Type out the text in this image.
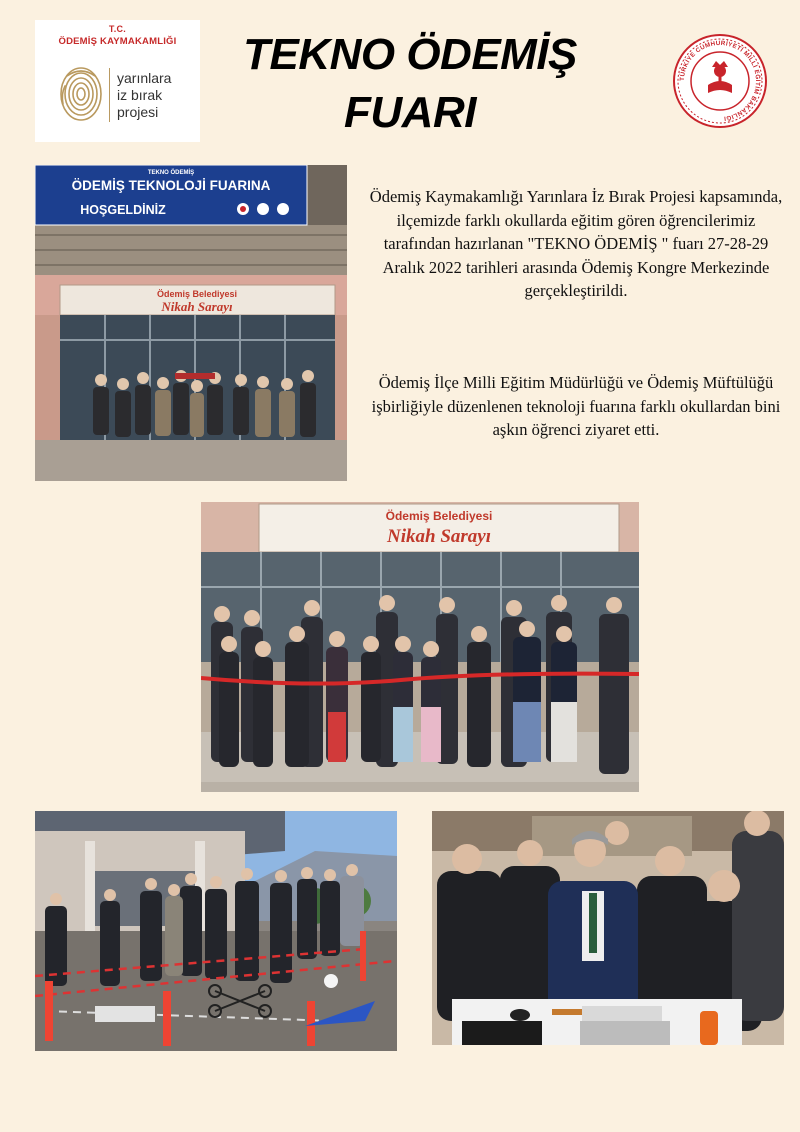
T.C.
ÖDEMİŞ KAYMAKAMLIĞI
yarınlara
iz bırak
projesi
TEKNO ÖDEMİŞ
FUARI
TÜRKİYE CUMHURİYETİ MİLLİ EĞİTİM BAKANLIĞI
Ödemiş Belediyesi
Nikah Sarayı
TEKNO ÖDEMİŞ
ÖDEMİŞ TEKNOLOJİ FUARINA
HOŞGELDİNİZ
Ödemiş Kaymakamlığı Yarınlara İz Bırak Projesi kapsamında, ilçemizde farklı okullarda eğitim gören öğrencilerimiz tarafından hazırlanan "TEKNO ÖDEMİŞ " fuarı 27-28-29 Aralık 2022 tarihleri arasında Ödemiş Kongre Merkezinde gerçekleştirildi.
Ödemiş İlçe Milli Eğitim Müdürlüğü ve Ödemiş Müftülüğü işbirliğiyle düzenlenen teknoloji fuarına farklı okullardan bini aşkın öğrenci ziyaret etti.
Ödemiş Belediyesi
Nikah Sarayı
